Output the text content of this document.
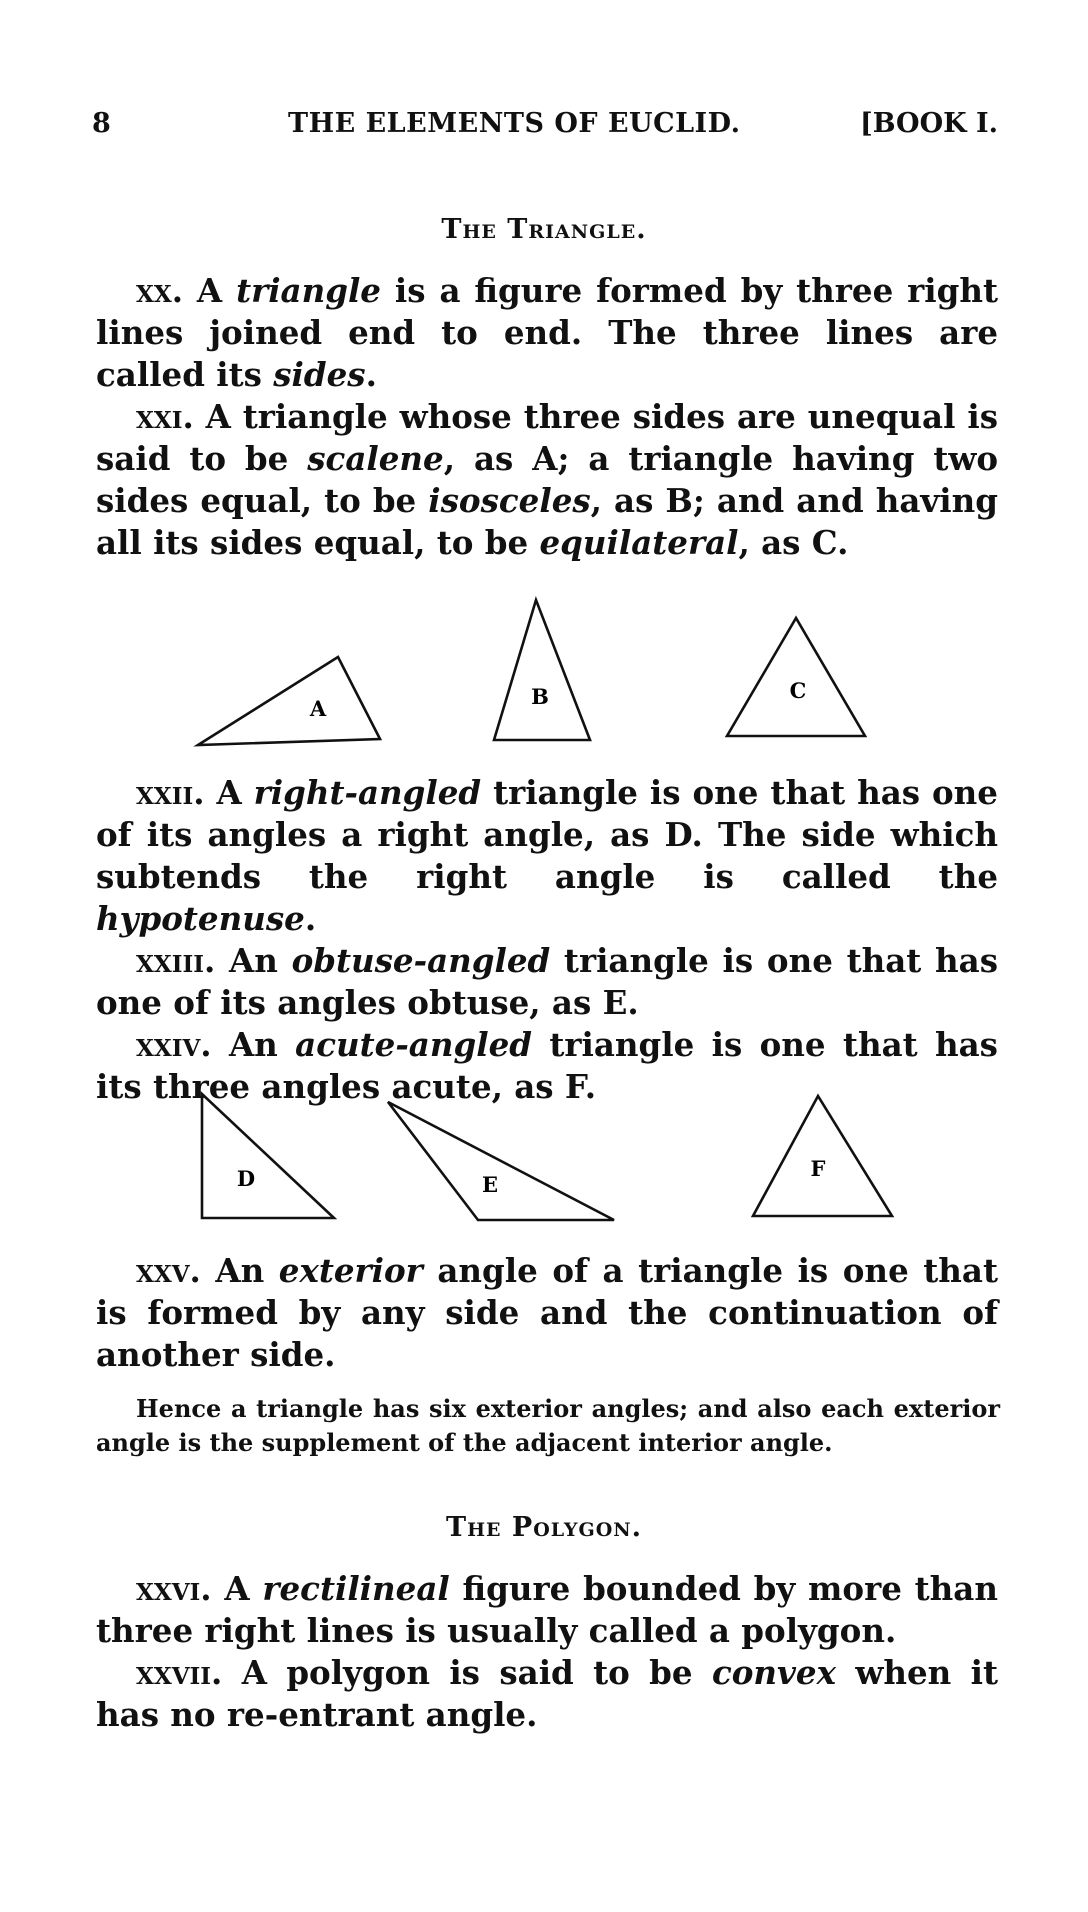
8	THE ELEMENTS OF EUCLID.	[BOOK I.
The Triangle.

xx. A triangle is a figure formed by three right lines joined end to end. The three lines are called its sides.

xxi. A triangle whose three sides are unequal is said to be scalene, as A; a triangle having two sides equal, to be isosceles, as B; and and having all its sides equal, to be equilateral, as C.

A	B	C

xxii. A right-angled triangle is one that has one of its angles a right angle, as D. The side which subtends the right angle is called the hypotenuse.

xxiii. An obtuse-angled triangle is one that has one of its angles obtuse, as E.

xxiv. An acute-angled triangle is one that has its three angles acute, as F.

D	E
F

xxv. An exterior angle of a triangle is one that is formed by any side and the continuation of another side.

Hence a triangle has six exterior angles; and also each exterior angle is the supplement of the adjacent interior angle.

The Polygon.

xxvi. A rectilineal figure bounded by more than three right lines is usually called a polygon.

xxvii. A polygon is said to be convex when it has no re-entrant angle.
